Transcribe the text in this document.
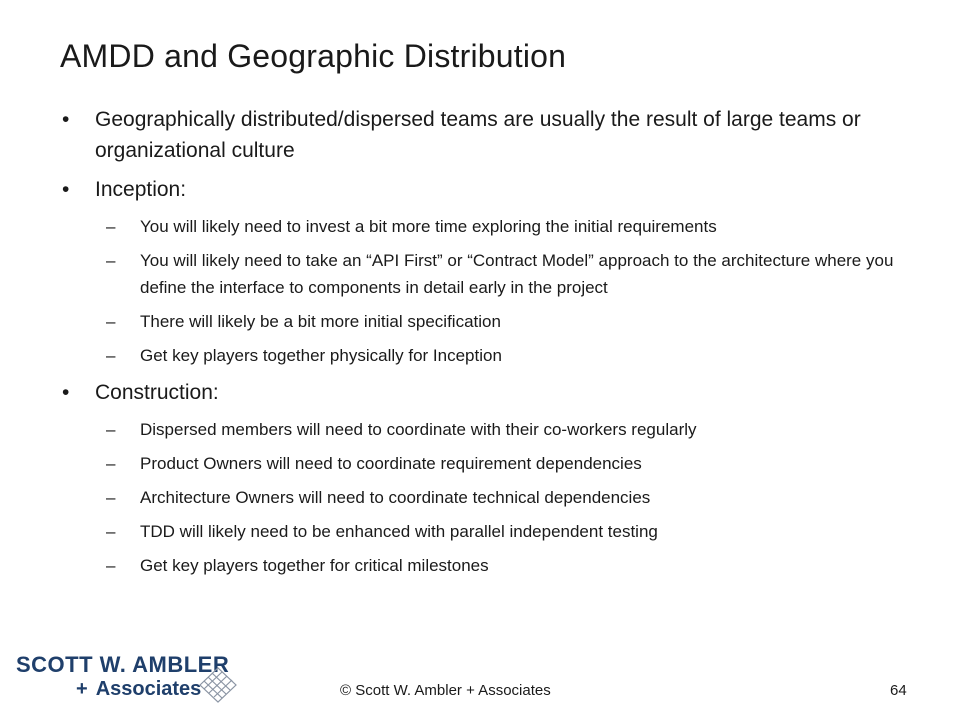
AMDD and Geographic Distribution
• Geographically distributed/dispersed teams are usually the result of large teams or organizational culture
• Inception:
– You will likely need to invest a bit more time exploring the initial requirements
– You will likely need to take an “API First” or “Contract Model” approach to the architecture where you define the interface to components in detail early in the project
– There will likely be a bit more initial specification
– Get key players together physically for Inception
• Construction:
– Dispersed members will need to coordinate with their co-workers regularly
– Product Owners will need to coordinate requirement dependencies
– Architecture Owners will need to coordinate technical dependencies
– TDD will likely need to be enhanced with parallel independent testing
– Get key players together for critical milestones
SCOTT W. AMBLER
+ Associates	© Scott W. Ambler + Associates	64
